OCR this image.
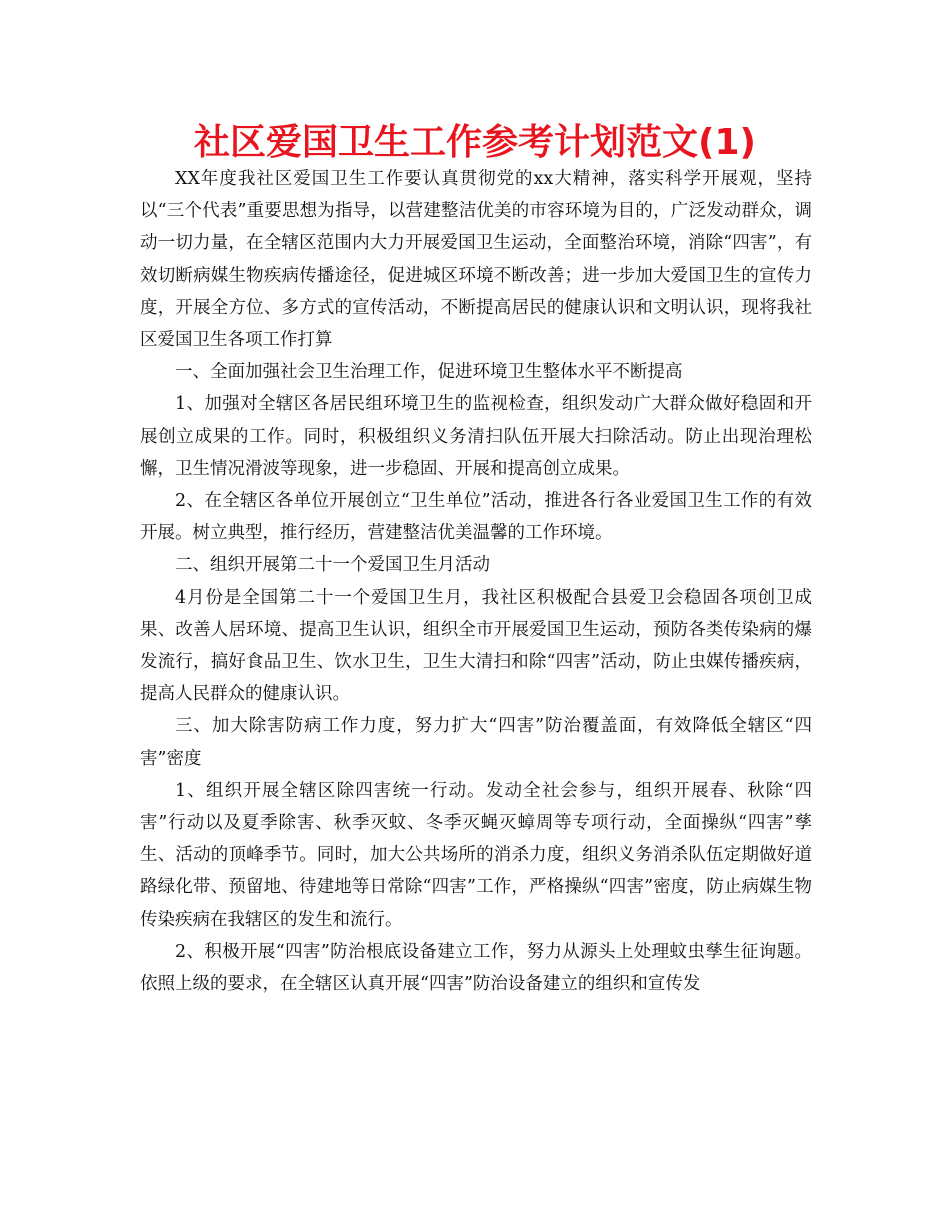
社区爱国卫生工作参考计划范文(1)

XX年度我社区爱国卫生工作要认真贯彻党的xx大精神，落实科学开展观，坚持以“三个代表”重要思想为指导，以营建整洁优美的市容环境为目的，广泛发动群众，调动一切力量，在全辖区范围内大力开展爱国卫生运动，全面整治环境，消除“四害”，有效切断病媒生物疾病传播途径，促进城区环境不断改善；进一步加大爱国卫生的宣传力度，开展全方位、多方式的宣传活动，不断提高居民的健康认识和文明认识，现将我社区爱国卫生各项工作打算

一、全面加强社会卫生治理工作，促进环境卫生整体水平不断提高

1、加强对全辖区各居民组环境卫生的监视检查，组织发动广大群众做好稳固和开展创立成果的工作。同时，积极组织义务清扫队伍开展大扫除活动。防止出现治理松懈，卫生情况滑波等现象，进一步稳固、开展和提高创立成果。

2、在全辖区各单位开展创立“卫生单位”活动，推进各行各业爱国卫生工作的有效开展。树立典型，推行经历，营建整洁优美温馨的工作环境。

二、组织开展第二十一个爱国卫生月活动

4月份是全国第二十一个爱国卫生月，我社区积极配合县爱卫会稳固各项创卫成果、改善人居环境、提高卫生认识，组织全市开展爱国卫生运动，预防各类传染病的爆发流行，搞好食品卫生、饮水卫生，卫生大清扫和除“四害”活动，防止虫媒传播疾病，提高人民群众的健康认识。

三、加大除害防病工作力度，努力扩大“四害”防治覆盖面，有效降低全辖区“四害”密度

1、组织开展全辖区除四害统一行动。发动全社会参与，组织开展春、秋除“四害”行动以及夏季除害、秋季灭蚊、冬季灭蝇灭蟑周等专项行动，全面操纵“四害”孳生、活动的顶峰季节。同时，加大公共场所的消杀力度，组织义务消杀队伍定期做好道路绿化带、预留地、待建地等日常除“四害”工作，严格操纵“四害”密度，防止病媒生物传染疾病在我辖区的发生和流行。

2、积极开展“四害”防治根底设备建立工作，努力从源头上处理蚊虫孳生征询题。依照上级的要求，在全辖区认真开展“四害”防治设备建立的组织和宣传发
